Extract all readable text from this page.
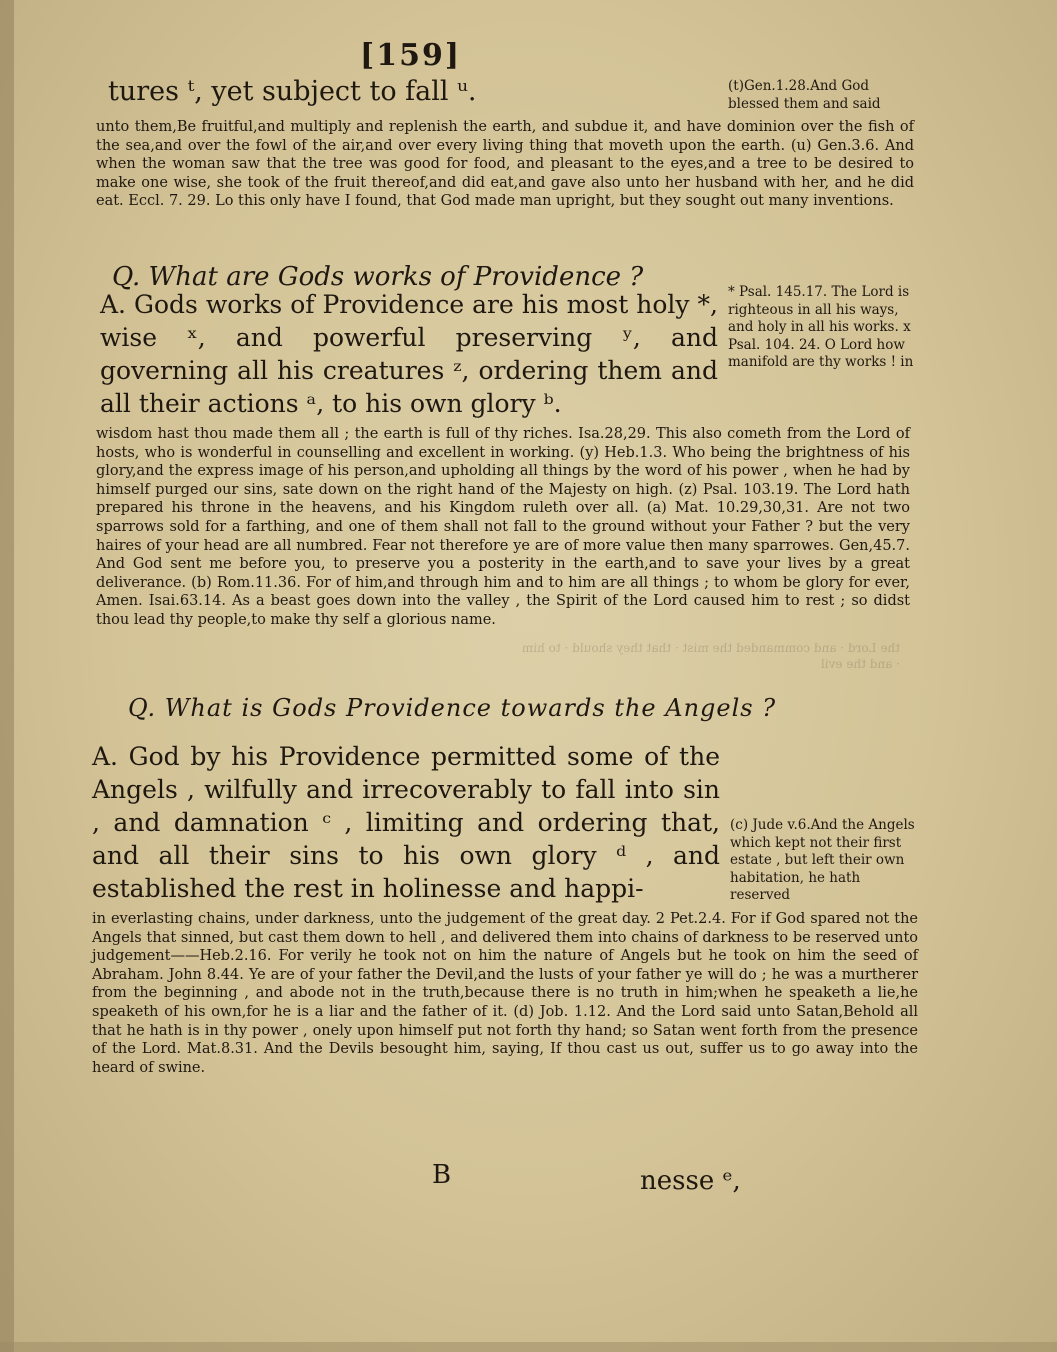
the Lord · and commanded the mist · that they should · to him · and the evil
[159]
tures ᵗ, yet subject to fall ᵘ.	(t)Gen.1.28.And God blessed them and said

unto them,Be fruitful,and multiply and replenish the earth, and subdue it, and have dominion over the fish of the sea,and over the fowl of the air,and over every living thing that moveth upon the earth. (u) Gen.3.6. And when the woman saw that the tree was good for food, and pleasant to the eyes,and a tree to be desired to make one wise, she took of the fruit thereof,and did eat,and gave also unto her husband with her, and he did eat. Eccl. 7. 29. Lo this only have I found, that God made man upright, but they sought out many inventions.

Q. What are Gods works of Providence ?

A. Gods works of Providence are his most holy *, wise ˣ, and powerful preserving ʸ, and governing all his creatures ᶻ, ordering them and all their actions ᵃ, to his own glory ᵇ.

* Psal. 145.17. The Lord is righteous in all his ways, and holy in all his works. x Psal. 104. 24. O Lord how manifold are thy works ! in

wisdom hast thou made them all ; the earth is full of thy riches. Isa.28,29. This also cometh from the Lord of hosts, who is wonderful in counselling and excellent in working. (y) Heb.1.3. Who being the brightness of his glory,and the express image of his person,and upholding all things by the word of his power , when he had by himself purged our sins, sate down on the right hand of the Majesty on high. (z) Psal. 103.19. The Lord hath prepared his throne in the heavens, and his Kingdom ruleth over all. (a) Mat. 10.29,30,31. Are not two sparrows sold for a farthing, and one of them shall not fall to the ground without your Father ? but the very haires of your head are all numbred. Fear not therefore ye are of more value then many sparrowes. Gen,45.7. And God sent me before you, to preserve you a posterity in the earth,and to save your lives by a great deliverance. (b) Rom.11.36. For of him,and through him and to him are all things ; to whom be glory for ever, Amen. Isai.63.14. As a beast goes down into the valley , the Spirit of the Lord caused him to rest ; so didst thou lead thy people,to make thy self a glorious name.

Q. What is Gods Providence towards the Angels ?

A. God by his Providence permitted some of the Angels , wilfully and irrecoverably to fall into sin , and damnation ᶜ , limiting and ordering that, and all their sins to his own glory ᵈ , and established the rest in holinesse and happi-

(c) Jude v.6.And the Angels which kept not their first estate , but left their own habitation, he hath reserved

in everlasting chains, under darkness, unto the judgement of the great day. 2 Pet.2.4. For if God spared not the Angels that sinned, but cast them down to hell , and delivered them into chains of darkness to be reserved unto judgement——Heb.2.16. For verily he took not on him the nature of Angels but he took on him the seed of Abraham. John 8.44. Ye are of your father the Devil,and the lusts of your father ye will do ; he was a murtherer from the beginning , and abode not in the truth,because there is no truth in him;when he speaketh a lie,he speaketh of his own,for he is a liar and the father of it. (d) Job. 1.12. And the Lord said unto Satan,Behold all that he hath is in thy power , onely upon himself put not forth thy hand; so Satan went forth from the presence of the Lord. Mat.8.31. And the Devils besought him, saying, If thou cast us out, suffer us to go away into the heard of swine.

B	nesse ᵉ,
